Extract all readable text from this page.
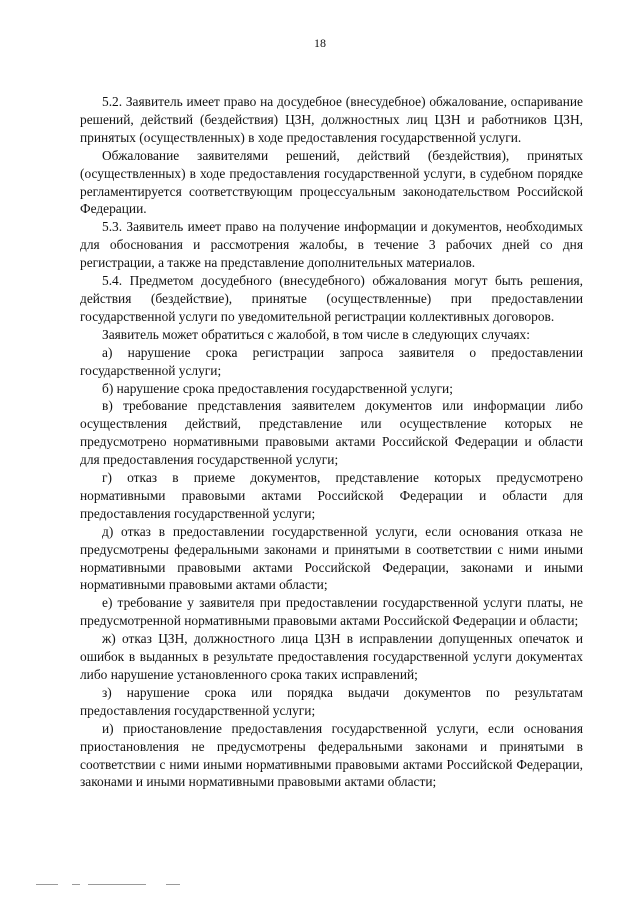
18

5.2. Заявитель имеет право на досудебное (внесудебное) обжалование, оспаривание решений, действий (бездействия) ЦЗН, должностных лиц ЦЗН и работников ЦЗН, принятых (осуществленных) в ходе предоставления государственной услуги.

Обжалование заявителями решений, действий (бездействия), принятых (осуществленных) в ходе предоставления государственной услуги, в судебном порядке регламентируется соответствующим процессуальным законодательством Российской Федерации.

5.3. Заявитель имеет право на получение информации и документов, необходимых для обоснования и рассмотрения жалобы, в течение 3 рабочих дней со дня регистрации, а также на представление дополнительных материалов.

5.4. Предметом досудебного (внесудебного) обжалования могут быть решения, действия (бездействие), принятые (осуществленные) при предоставлении государственной услуги по уведомительной регистрации коллективных договоров.

Заявитель может обратиться с жалобой, в том числе в следующих случаях:

а) нарушение срока регистрации запроса заявителя о предоставлении государственной услуги;

б) нарушение срока предоставления государственной услуги;

в) требование представления заявителем документов или информации либо осуществления действий, представление или осуществление которых не предусмотрено нормативными правовыми актами Российской Федерации и области для предоставления государственной услуги;

г) отказ в приеме документов, представление которых предусмотрено нормативными правовыми актами Российской Федерации и области для предоставления государственной услуги;

д) отказ в предоставлении государственной услуги, если основания отказа не предусмотрены федеральными законами и принятыми в соответствии с ними иными нормативными правовыми актами Российской Федерации, законами и иными нормативными правовыми актами области;

е) требование у заявителя при предоставлении государственной услуги платы, не предусмотренной нормативными правовыми актами Российской Федерации и области;

ж) отказ ЦЗН, должностного лица ЦЗН в исправлении допущенных опечаток и ошибок в выданных в результате предоставления государственной услуги документах либо нарушение установленного срока таких исправлений;

з) нарушение срока или порядка выдачи документов по результатам предоставления государственной услуги;

и) приостановление предоставления государственной услуги, если основания приостановления не предусмотрены федеральными законами и принятыми в соответствии с ними иными нормативными правовыми актами Российской Федерации, законами и иными нормативными правовыми актами области;
